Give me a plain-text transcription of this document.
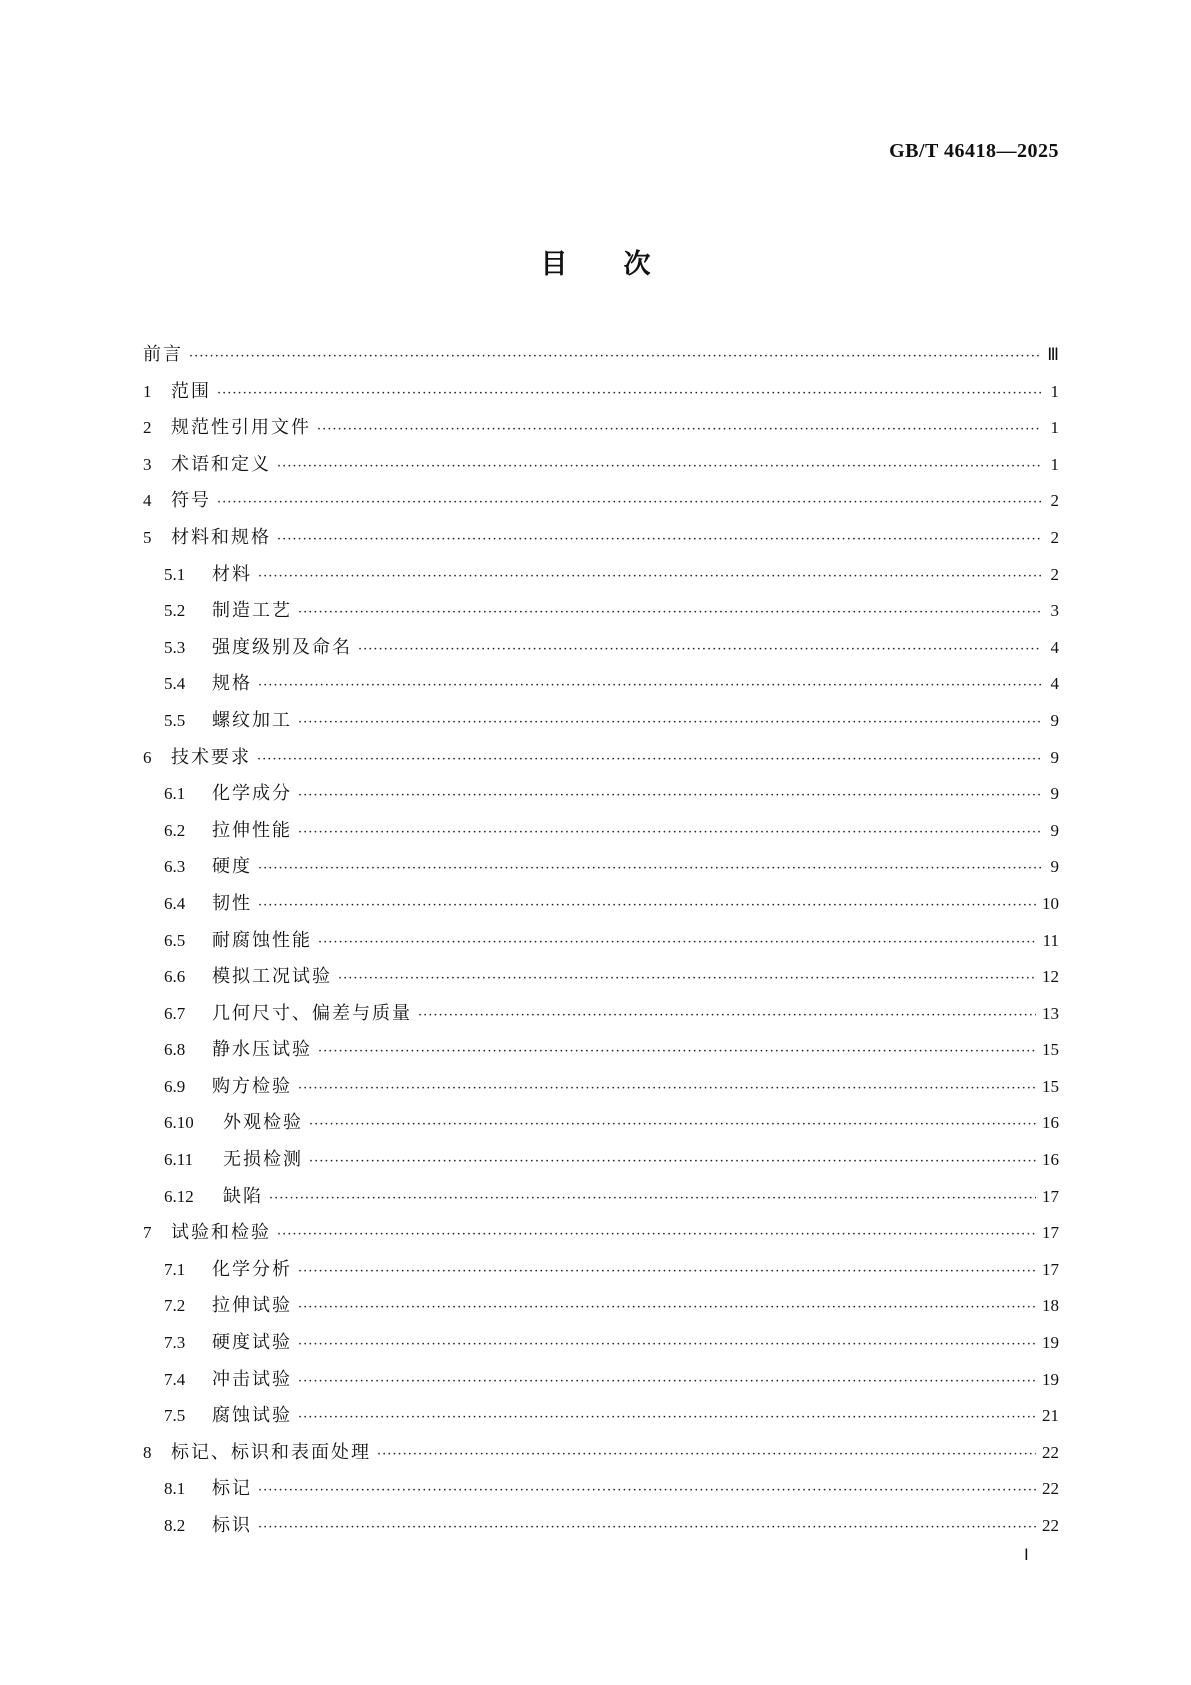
GB/T 46418—2025
目次
前言 ·····	Ⅲ
1	范围 ·····	1
2	规范性引用文件 ·····	1
3	术语和定义 ·····	1
4	符号 ·····	2
5	材料和规格 ·····	2
5.1	材料 ·····	2
5.2	制造工艺 ·····	3
5.3	强度级别及命名 ·····	4
5.4	规格 ·····	4
5.5	螺纹加工 ·····	9
6	技术要求 ·····	9
6.1	化学成分 ·····	9
6.2	拉伸性能 ·····	9
6.3	硬度 ·····	9
6.4	韧性 ·····	10
6.5	耐腐蚀性能 ·····	11
6.6	模拟工况试验 ·····	12
6.7	几何尺寸、偏差与质量 ·····	13
6.8	静水压试验 ·····	15
6.9	购方检验 ·····	15
6.10	外观检验 ·····	16
6.11	无损检测 ·····	16
6.12	缺陷 ·····	17
7	试验和检验 ·····	17
7.1	化学分析 ·····	17
7.2	拉伸试验 ·····	18
7.3	硬度试验 ·····	19
7.4	冲击试验 ·····	19
7.5	腐蚀试验 ·····	21
8	标记、标识和表面处理 ·····	22
8.1	标记 ·····	22
8.2	标识 ·····	22
Ⅰ
